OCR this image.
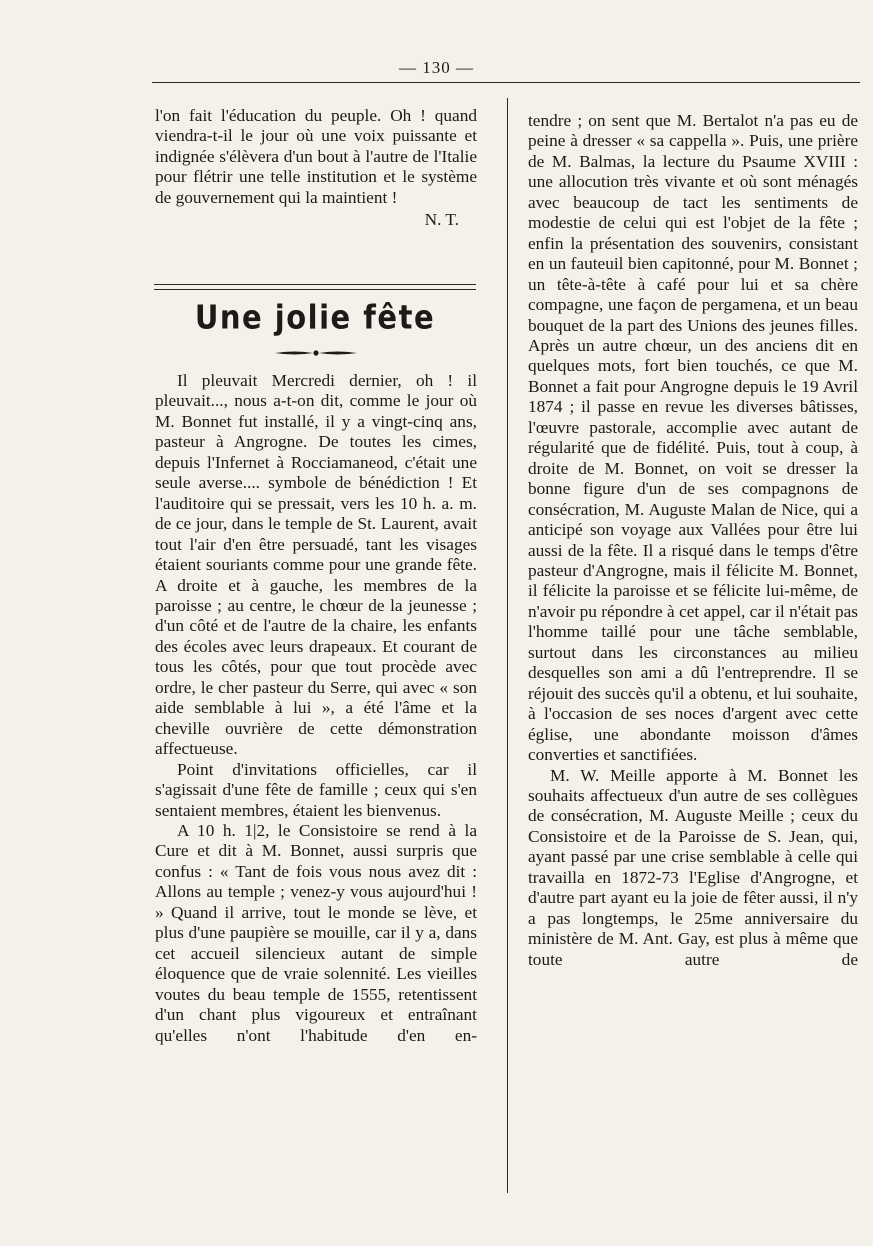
— 130 —

l'on fait l'éducation du peuple. Oh ! quand viendra-t-il le jour où une voix puissante et indignée s'élèvera d'un bout à l'autre de l'Italie pour flétrir une telle institution et le système de gouvernement qui la maintient !

N. T.

Une jolie fête

Il pleuvait Mercredi dernier, oh ! il pleuvait..., nous a-t-on dit, comme le jour où M. Bonnet fut installé, il y a vingt-cinq ans, pasteur à Angrogne. De toutes les cimes, depuis l'Infernet à Rocciamaneod, c'était une seule averse.... symbole de bénédiction ! Et l'auditoire qui se pressait, vers les 10 h. a. m. de ce jour, dans le temple de St. Laurent, avait tout l'air d'en être persuadé, tant les visages étaient souriants comme pour une grande fête. A droite et à gauche, les membres de la paroisse ; au centre, le chœur de la jeunesse ; d'un côté et de l'autre de la chaire, les enfants des écoles avec leurs drapeaux. Et courant de tous les côtés, pour que tout procède avec ordre, le cher pasteur du Serre, qui avec « son aide semblable à lui », a été l'âme et la cheville ouvrière de cette démonstration affectueuse.

Point d'invitations officielles, car il s'agissait d'une fête de famille ; ceux qui s'en sentaient membres, étaient les bienvenus.

A 10 h. 1|2, le Consistoire se rend à la Cure et dit à M. Bonnet, aussi surpris que confus : « Tant de fois vous nous avez dit : Allons au temple ; venez-y vous aujourd'hui ! » Quand il arrive, tout le monde se lève, et plus d'une paupière se mouille, car il y a, dans cet accueil silencieux autant de simple éloquence que de vraie solennité. Les vieilles voutes du beau temple de 1555, retentissent d'un chant plus vigoureux et entraînant qu'elles n'ont l'habitude d'en en-

tendre ; on sent que M. Bertalot n'a pas eu de peine à dresser « sa cappella ». Puis, une prière de M. Balmas, la lecture du Psaume XVIII : une allocution très vivante et où sont ménagés avec beaucoup de tact les sentiments de modestie de celui qui est l'objet de la fête ; enfin la présentation des souvenirs, consistant en un fauteuil bien capitonné, pour M. Bonnet ; un tête-à-tête à café pour lui et sa chère compagne, une façon de pergamena, et un beau bouquet de la part des Unions des jeunes filles. Après un autre chœur, un des anciens dit en quelques mots, fort bien touchés, ce que M. Bonnet a fait pour Angrogne depuis le 19 Avril 1874 ; il passe en revue les diverses bâtisses, l'œuvre pastorale, accomplie avec autant de régularité que de fidélité. Puis, tout à coup, à droite de M. Bonnet, on voit se dresser la bonne figure d'un de ses compagnons de consécration, M. Auguste Malan de Nice, qui a anticipé son voyage aux Vallées pour être lui aussi de la fête. Il a risqué dans le temps d'être pasteur d'Angrogne, mais il félicite M. Bonnet, il félicite la paroisse et se félicite lui-même, de n'avoir pu répondre à cet appel, car il n'était pas l'homme taillé pour une tâche semblable, surtout dans les circonstances au milieu desquelles son ami a dû l'entreprendre. Il se réjouit des succès qu'il a obtenu, et lui souhaite, à l'occasion de ses noces d'argent avec cette église, une abondante moisson d'âmes converties et sanctifiées.

M. W. Meille apporte à M. Bonnet les souhaits affectueux d'un autre de ses collègues de consécration, M. Auguste Meille ; ceux du Consistoire et de la Paroisse de S. Jean, qui, ayant passé par une crise semblable à celle qui travailla en 1872-73 l'Eglise d'Angrogne, et d'autre part ayant eu la joie de fêter aussi, il n'y a pas longtemps, le 25me anniversaire du ministère de M. Ant. Gay, est plus à même que toute autre de
